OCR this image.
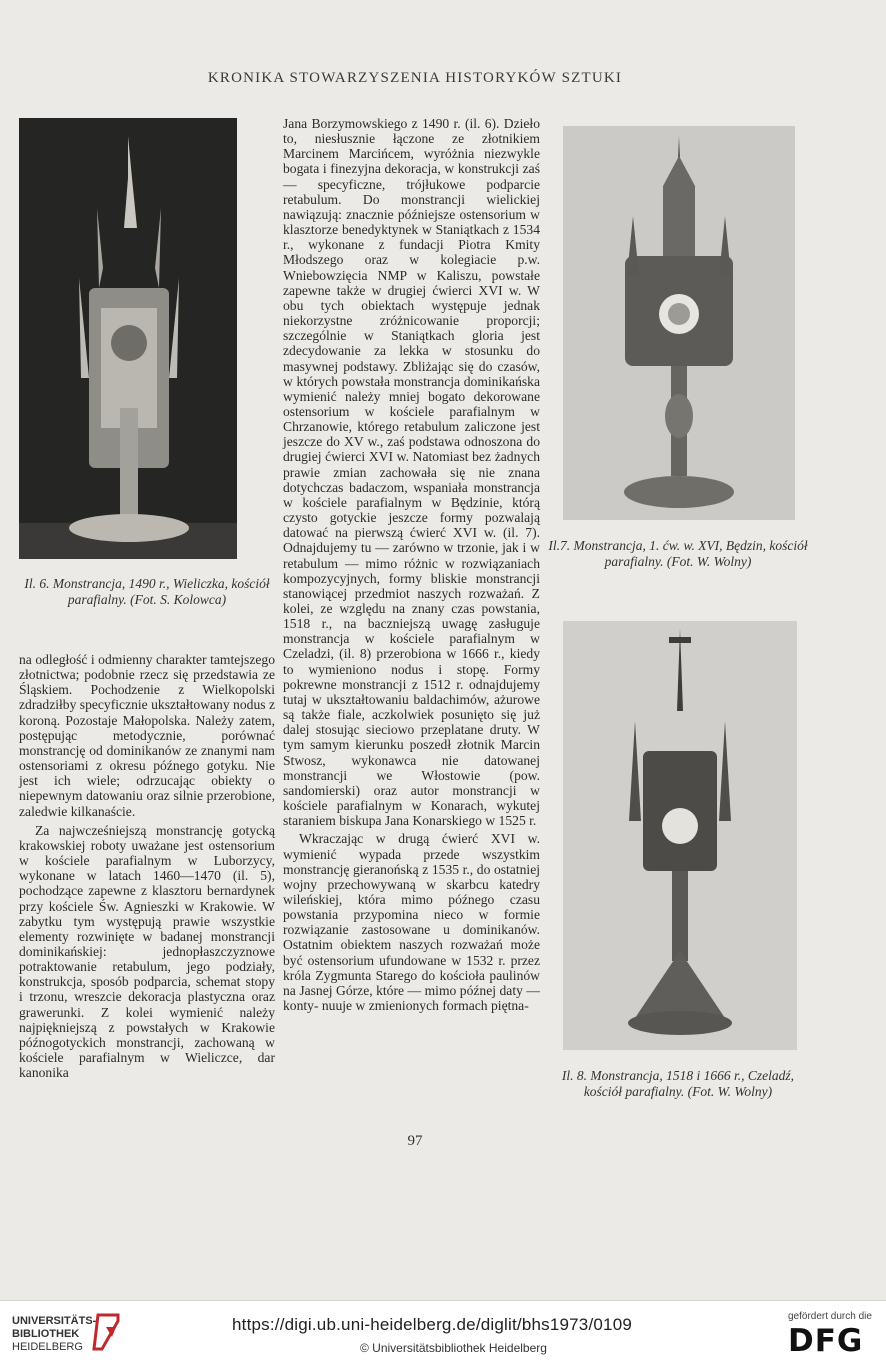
KRONIKA STOWARZYSZENIA HISTORYKÓW SZTUKI
Il. 6. Monstrancja, 1490 r., Wieliczka, kościół parafialny. (Fot. S. Kolowca)

na odległość i odmienny charakter tamtejszego złotnictwa; podobnie rzecz się przedstawia ze Śląskiem. Pochodzenie z Wielkopolski zdradziłby specyficznie ukształtowany nodus z koroną. Pozostaje Małopolska. Należy zatem, postępując metodycznie, porównać monstrancję od dominikanów ze znanymi nam ostensoriami z okresu późnego gotyku. Nie jest ich wiele; odrzucając obiekty o niepewnym datowaniu oraz silnie przerobione, zaledwie kilkanaście.

Za najwcześniejszą monstrancję gotycką krakowskiej roboty uważane jest ostensorium w kościele parafialnym w Luborzycy, wykonane w latach 1460—1470 (il. 5), pochodzące zapewne z klasztoru bernardynek przy kościele Św. Agnieszki w Krakowie. W zabytku tym występują prawie wszystkie elementy rozwinięte w badanej monstrancji dominikańskiej: jednopłaszczyznowe potraktowanie retabulum, jego podziały, konstrukcja, sposób podparcia, schemat stopy i trzonu, wreszcie dekoracja plastyczna oraz grawerunki. Z kolei wymienić należy najpiękniejszą z powstałych w Krakowie późnogotyckich monstrancji, zachowaną w kościele parafialnym w Wieliczce, dar kanonika

Jana Borzymowskiego z 1490 r. (il. 6). Dzieło to, niesłusznie łączone ze złotnikiem Marcinem Marcińcem, wyróżnia niezwykle bogata i finezyjna dekoracja, w konstrukcji zaś — specyficzne, trójłukowe podparcie retabulum. Do monstrancji wielickiej nawiązują: znacznie późniejsze ostensorium w klasztorze benedyktynek w Staniątkach z 1534 r., wykonane z fundacji Piotra Kmity Młodszego oraz w kolegiacie p.w. Wniebowzięcia NMP w Kaliszu, powstałe zapewne także w drugiej ćwierci XVI w. W obu tych obiektach występuje jednak niekorzystne zróżnicowanie proporcji; szczególnie w Staniątkach gloria jest zdecydowanie za lekka w stosunku do masywnej podstawy. Zbliżając się do czasów, w których powstała monstrancja dominikańska wymienić należy mniej bogato dekorowane ostensorium w kościele parafialnym w Chrzanowie, którego retabulum zaliczone jest jeszcze do XV w., zaś podstawa odnoszona do drugiej ćwierci XVI w. Natomiast bez żadnych prawie zmian zachowała się nie znana dotychczas badaczom, wspaniała monstrancja w kościele parafialnym w Będzinie, którą czysto gotyckie jeszcze formy pozwalają datować na pierwszą ćwierć XVI w. (il. 7). Odnajdujemy tu — zarówno w trzonie, jak i w retabulum — mimo różnic w rozwiązaniach kompozycyjnych, formy bliskie monstrancji stanowiącej przedmiot naszych rozważań. Z kolei, ze względu na znany czas powstania, 1518 r., na baczniejszą uwagę zasługuje monstrancja w kościele parafialnym w Czeladzi, (il. 8) przerobiona w 1666 r., kiedy to wymieniono nodus i stopę. Formy pokrewne monstrancji z 1512 r. odnajdujemy tutaj w ukształtowaniu baldachimów, ażurowe są także fiale, aczkolwiek posunięto się już dalej stosując sieciowo przeplatane druty. W tym samym kierunku poszedł złotnik Marcin Stwosz, wykonawca nie datowanej monstrancji we Włostowie (pow. sandomierski) oraz autor monstrancji w kościele parafialnym w Konarach, wykutej staraniem biskupa Jana Konarskiego w 1525 r.

Wkraczając w drugą ćwierć XVI w. wymienić wypada przede wszystkim monstrancję gieranońską z 1535 r., do ostatniej wojny przechowywaną w skarbcu katedry wileńskiej, która mimo późnego czasu powstania przypomina nieco w formie rozwiązanie zastosowane u dominikanów. Ostatnim obiektem naszych rozważań może być ostensorium ufundowane w 1532 r. przez króla Zygmunta Starego do kościoła paulinów na Jasnej Górze, które — mimo późnej daty — konty- nuuje w zmienionych formach piętna-

Il.7. Monstrancja, 1. ćw. w. XVI, Będzin, kościół parafialny. (Fot. W. Wolny)
Il. 8. Monstrancja, 1518 i 1666 r., Czeladź, kościół parafialny. (Fot. W. Wolny)
97
UNIVERSITÄTS-
BIBLIOTHEK
HEIDELBERG
https://digi.ub.uni-heidelberg.de/diglit/bhs1973/0109
© Universitätsbibliothek Heidelberg
gefördert durch die
DFG
